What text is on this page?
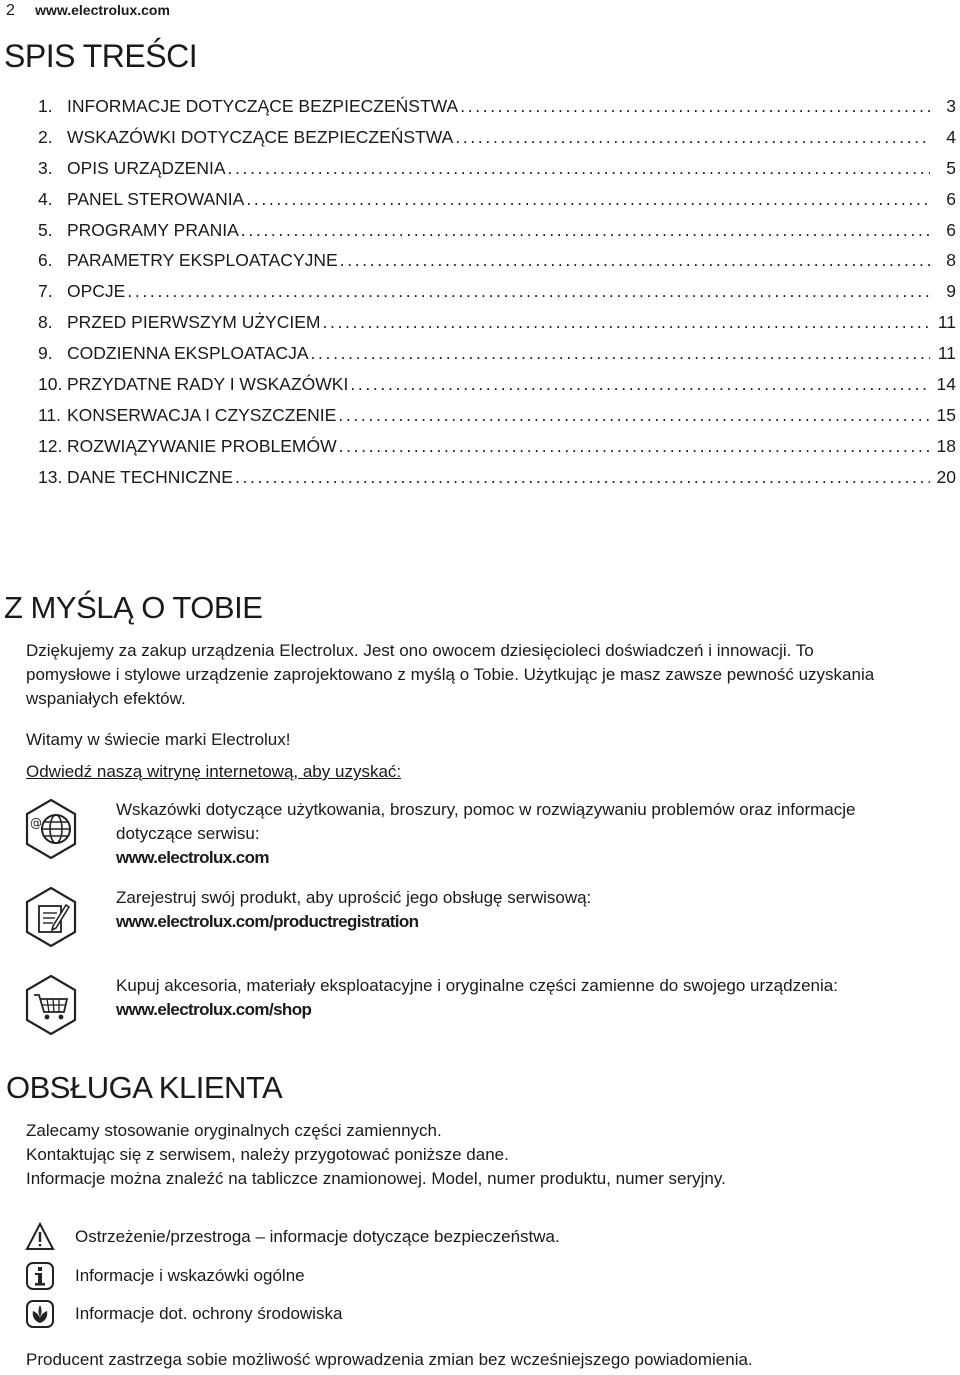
2 www.electrolux.com
SPIS TREŚCI
1. INFORMACJE DOTYCZĄCE BEZPIECZEŃSTWA . . .	3
2. WSKAZÓWKI DOTYCZĄCE BEZPIECZEŃSTWA . . .	4
3. OPIS URZĄDZENIA . . .	5
4. PANEL STEROWANIA . . .	6
5. PROGRAMY PRANIA . . .	6
6. PARAMETRY EKSPLOATACYJNE . . .	8
7. OPCJE . . .	9
8. PRZED PIERWSZYM UŻYCIEM . . .	11
9. CODZIENNA EKSPLOATACJA . . .	11
10. PRZYDATNE RADY I WSKAZÓWKI . . .	14
11. KONSERWACJA I CZYSZCZENIE . . .	15
12. ROZWIĄZYWANIE PROBLEMÓW . . .	18
13. DANE TECHNICZNE . . .	20
Z MYŚLĄ O TOBIE
Dziękujemy za zakup urządzenia Electrolux. Jest ono owocem dziesięcioleci doświadczeń i innowacji. To
pomysłowe i stylowe urządzenie zaprojektowano z myślą o Tobie. Użytkując je masz zawsze pewność uzyskania
wspaniałych efektów.
Witamy w świecie marki Electrolux!
Odwiedź naszą witrynę internetową, aby uzyskać:
@
Wskazówki dotyczące użytkowania, broszury, pomoc w rozwiązywaniu problemów oraz informacje
dotyczące serwisu:
www.electrolux.com
Zarejestruj swój produkt, aby uprościć jego obsługę serwisową:
www.electrolux.com/productregistration
Kupuj akcesoria, materiały eksploatacyjne i oryginalne części zamienne do swojego urządzenia:
www.electrolux.com/shop
OBSŁUGA KLIENTA
Zalecamy stosowanie oryginalnych części zamiennych.
Kontaktując się z serwisem, należy przygotować poniższe dane.
Informacje można znaleźć na tabliczce znamionowej. Model, numer produktu, numer seryjny.
Ostrzeżenie/przestroga – informacje dotyczące bezpieczeństwa.
Informacje i wskazówki ogólne
Informacje dot. ochrony środowiska
Producent zastrzega sobie możliwość wprowadzenia zmian bez wcześniejszego powiadomienia.
